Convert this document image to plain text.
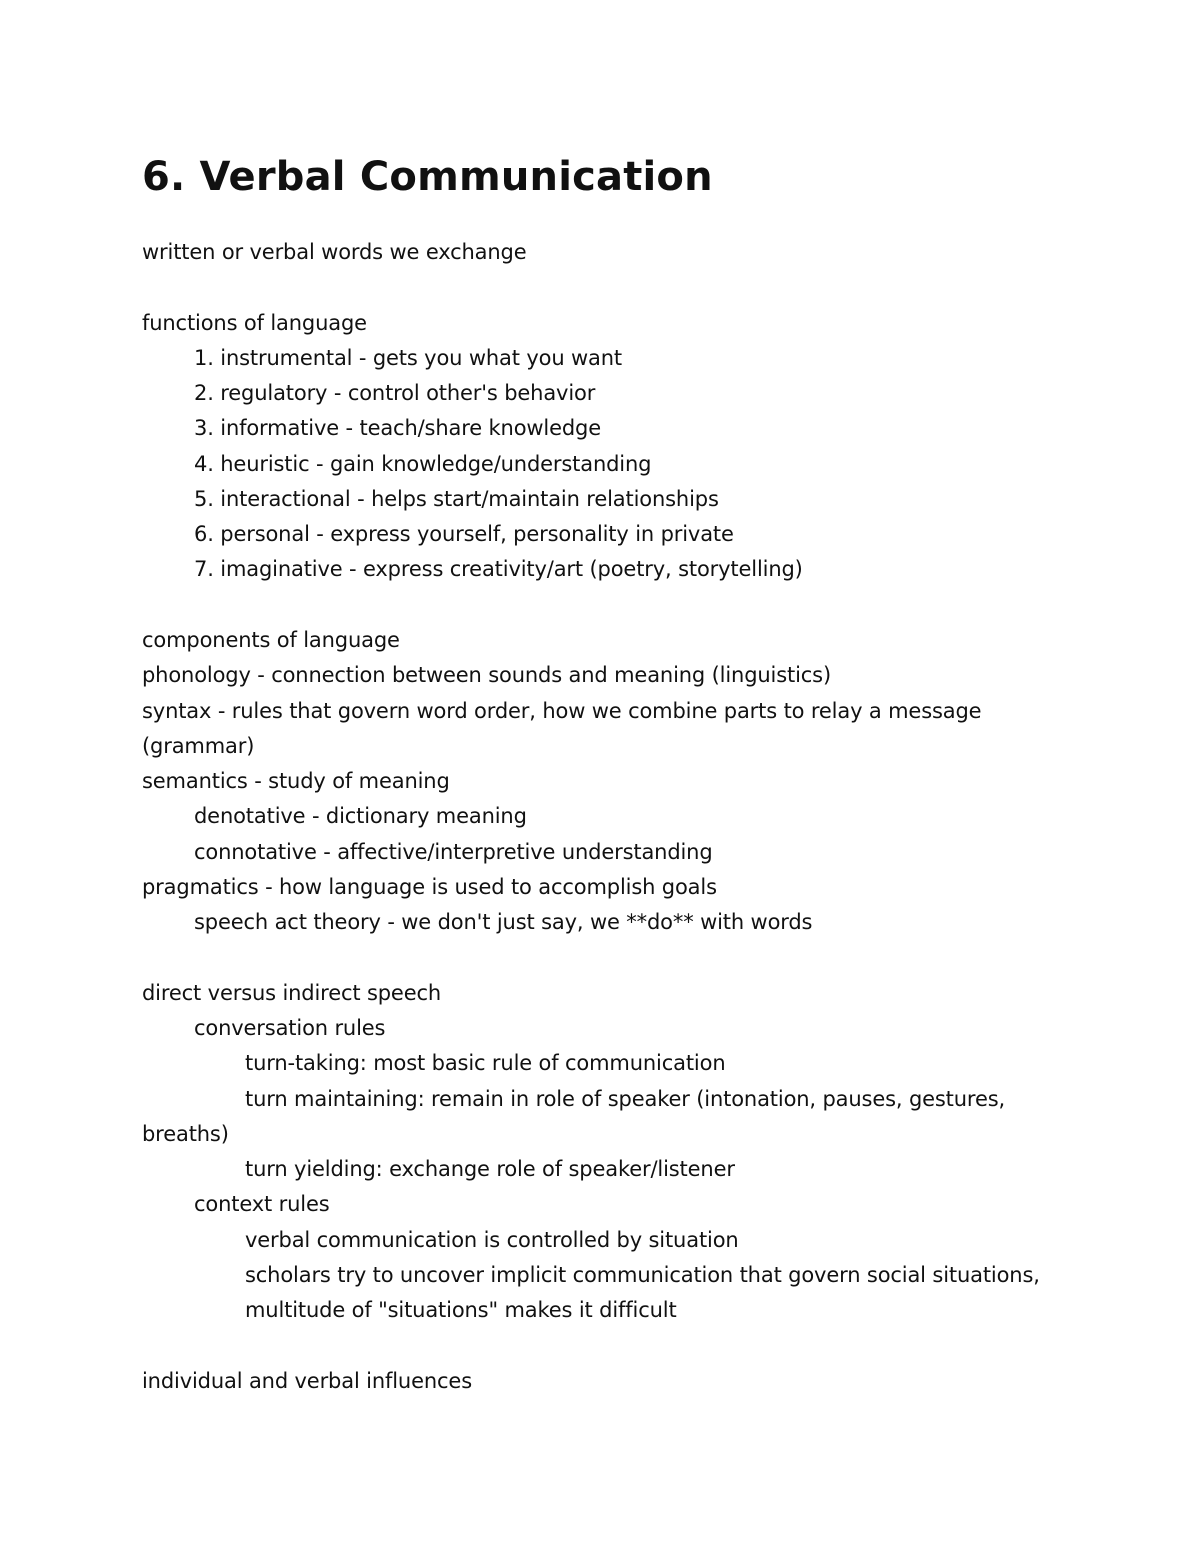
6. Verbal Communication
written or verbal words we exchange
functions of language
1. instrumental - gets you what you want
2. regulatory - control other's behavior
3. informative - teach/share knowledge
4. heuristic - gain knowledge/understanding
5. interactional - helps start/maintain relationships
6. personal - express yourself, personality in private
7. imaginative - express creativity/art (poetry, storytelling)
components of language
phonology - connection between sounds and meaning (linguistics)
syntax - rules that govern word order, how we combine parts to relay a message
(grammar)
semantics - study of meaning
denotative - dictionary meaning
connotative - affective/interpretive understanding
pragmatics - how language is used to accomplish goals
speech act theory - we don't just say, we **do** with words
direct versus indirect speech
conversation rules
turn-taking: most basic rule of communication
turn maintaining: remain in role of speaker (intonation, pauses, gestures,
breaths)
turn yielding: exchange role of speaker/listener
context rules
verbal communication is controlled by situation
scholars try to uncover implicit communication that govern social situations,
multitude of "situations" makes it difficult
individual and verbal influences
